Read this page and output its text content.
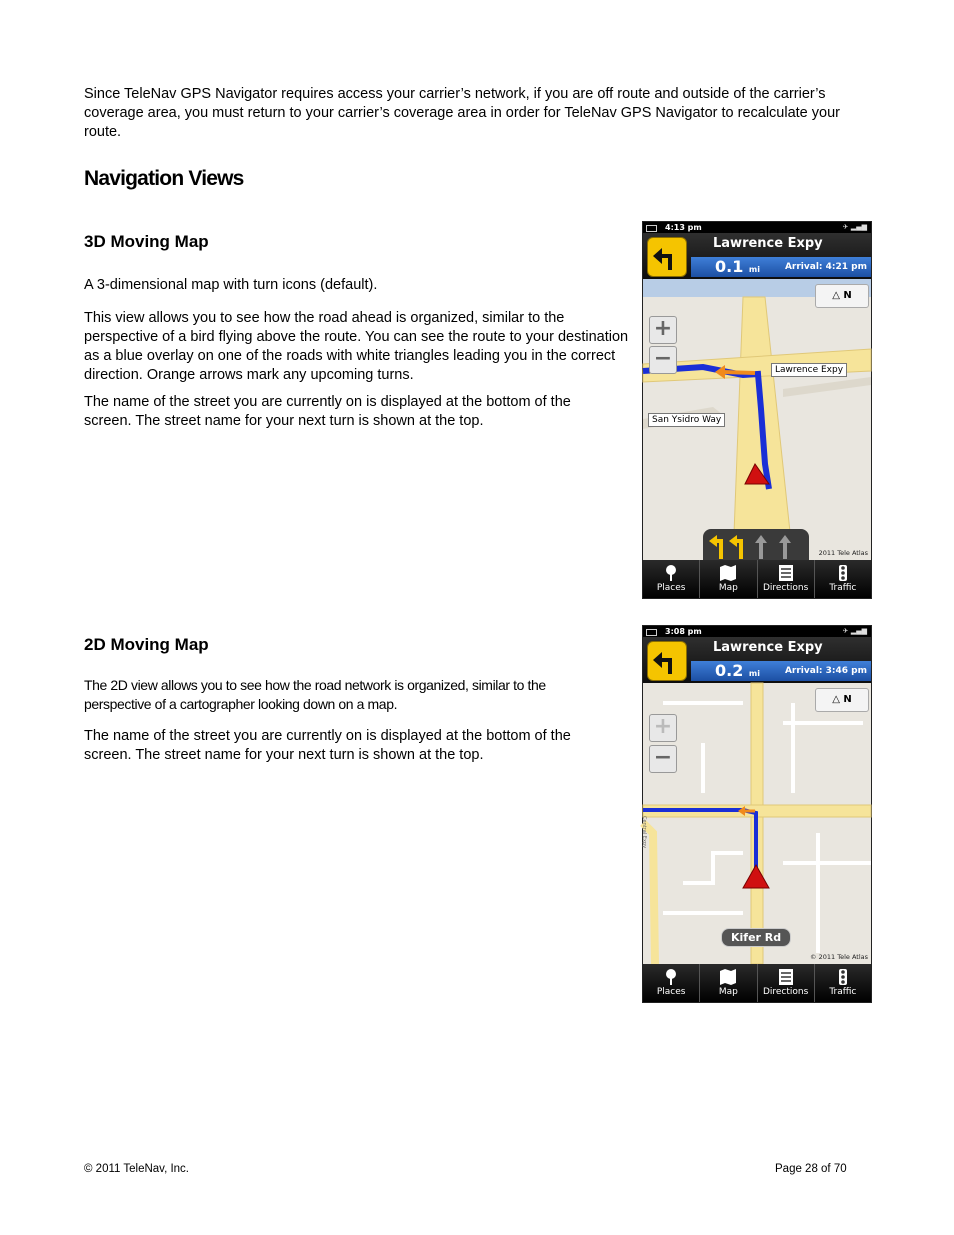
Since TeleNav GPS Navigator requires access your carrier’s network, if you are off route and outside of the carrier’s coverage area, you must return to your carrier’s coverage area in order for TeleNav GPS Navigator to recalculate your route.

Navigation Views
3D Moving Map

A 3-dimensional map with turn icons (default).

This view allows you to see how the road ahead is organized, similar to the perspective of a bird flying above the route. You can see the route to your destination as a blue overlay on one of the roads with white triangles leading you in the correct direction. Orange arrows mark any upcoming turns.

The name of the street you are currently on is displayed at the bottom of the screen. The street name for your next turn is shown at the top.

4:13 pm	✈ ▂▄▆
Lawrence Expy
0.1 mi	Arrival: 4:21 pm
△ N
+
−	Lawrence Expy
San Ysidro Way
2011 Tele Atlas
Places	Map	Directions	Traffic
2D Moving Map

The 2D view allows you to see how the road network is organized, similar to the perspective of a cartographer looking down on a map.

The name of the street you are currently on is displayed at the bottom of the screen. The street name for your next turn is shown at the top.

3:08 pm	✈ ▂▄▆
Lawrence Expy
0.2 mi	Arrival: 3:46 pm
△ N
+
−
Central Expy
Kifer Rd
© 2011 Tele Atlas
Places	Map	Directions	Traffic
© 2011 TeleNav, Inc.	Page 28 of 70
